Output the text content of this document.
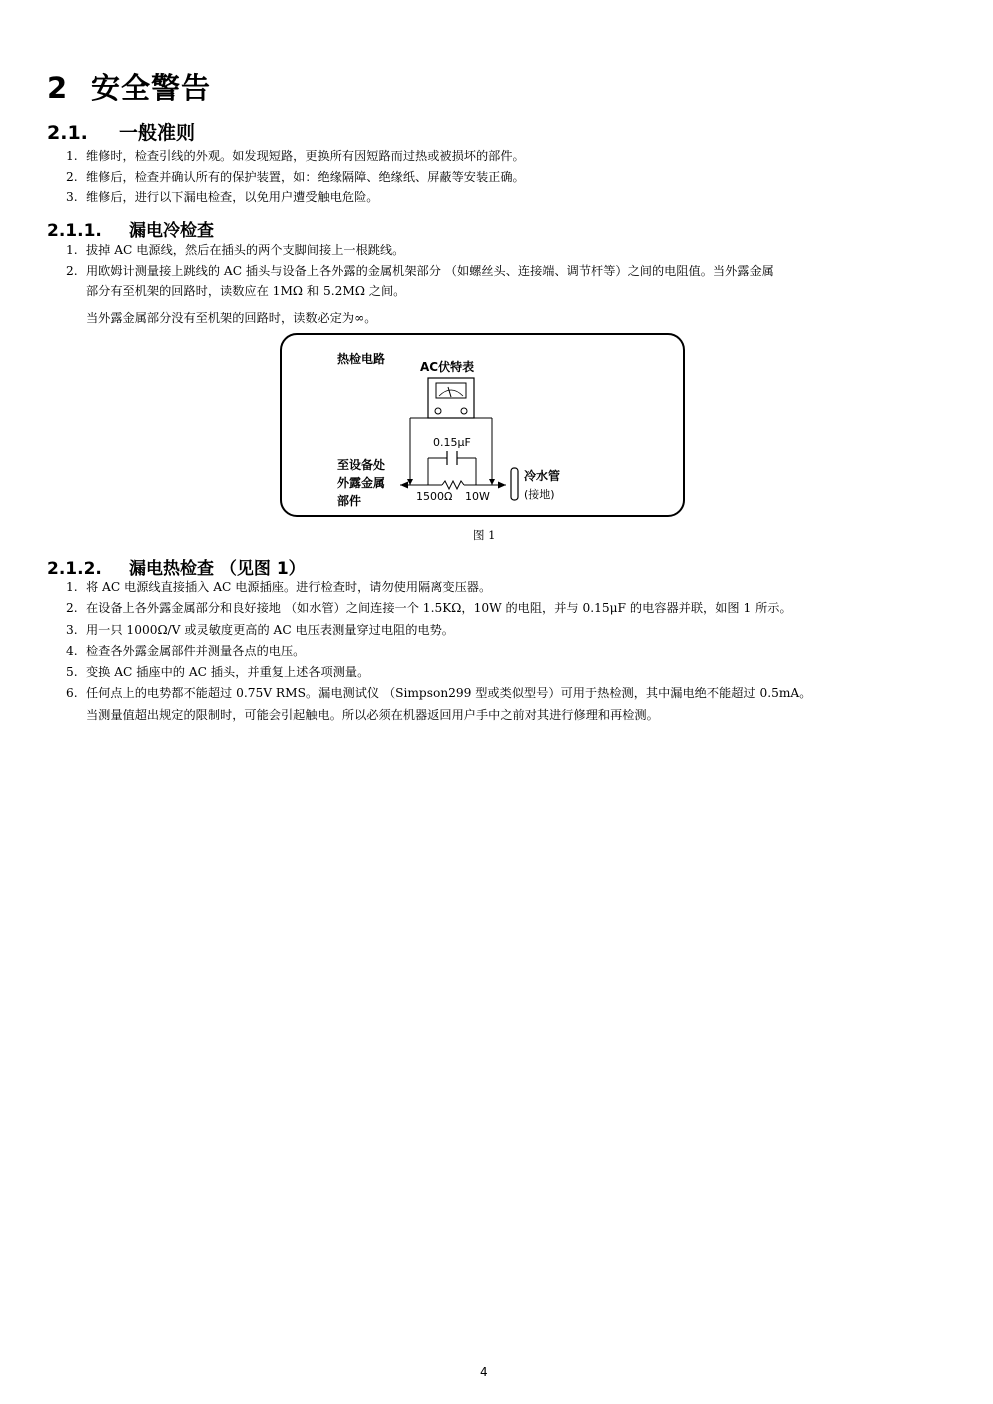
2 安全警告
2.1. 一般准则
1. 维修时，检查引线的外观。如发现短路，更换所有因短路而过热或被损坏的部件。
2. 维修后，检查并确认所有的保护装置，如：绝缘隔障、绝缘纸、屏蔽等安装正确。
3. 维修后，进行以下漏电检查，以免用户遭受触电危险。
2.1.1. 漏电冷检查
1. 拔掉 AC 电源线，然后在插头的两个支脚间接上一根跳线。
2. 用欧姆计测量接上跳线的 AC 插头与设备上各外露的金属机架部分 （如螺丝头、连接端、调节杆等）之间的电阻值。当外露金属
部分有至机架的回路时，读数应在 1MΩ 和 5.2MΩ 之间。
当外露金属部分没有至机架的回路时，读数必定为∞。
热检电路
AC伏特表
0.15μF
至设备处
外露金属
部件	1500Ω 10W
冷水管
(接地)
图 1
2.1.2. 漏电热检查 （见图 1）
1. 将 AC 电源线直接插入 AC 电源插座。进行检查时，请勿使用隔离变压器。
2. 在设备上各外露金属部分和良好接地 （如水管）之间连接一个 1.5KΩ，10W 的电阻，并与 0.15μF 的电容器并联，如图 1 所示。
3. 用一只 1000Ω/V 或灵敏度更高的 AC 电压表测量穿过电阻的电势。
4. 检查各外露金属部件并测量各点的电压。
5. 变换 AC 插座中的 AC 插头，并重复上述各项测量。
6. 任何点上的电势都不能超过 0.75V RMS。漏电测试仪 （Simpson299 型或类似型号）可用于热检测，其中漏电绝不能超过 0.5mA。
当测量值超出规定的限制时，可能会引起触电。所以必须在机器返回用户手中之前对其进行修理和再检测。
4
